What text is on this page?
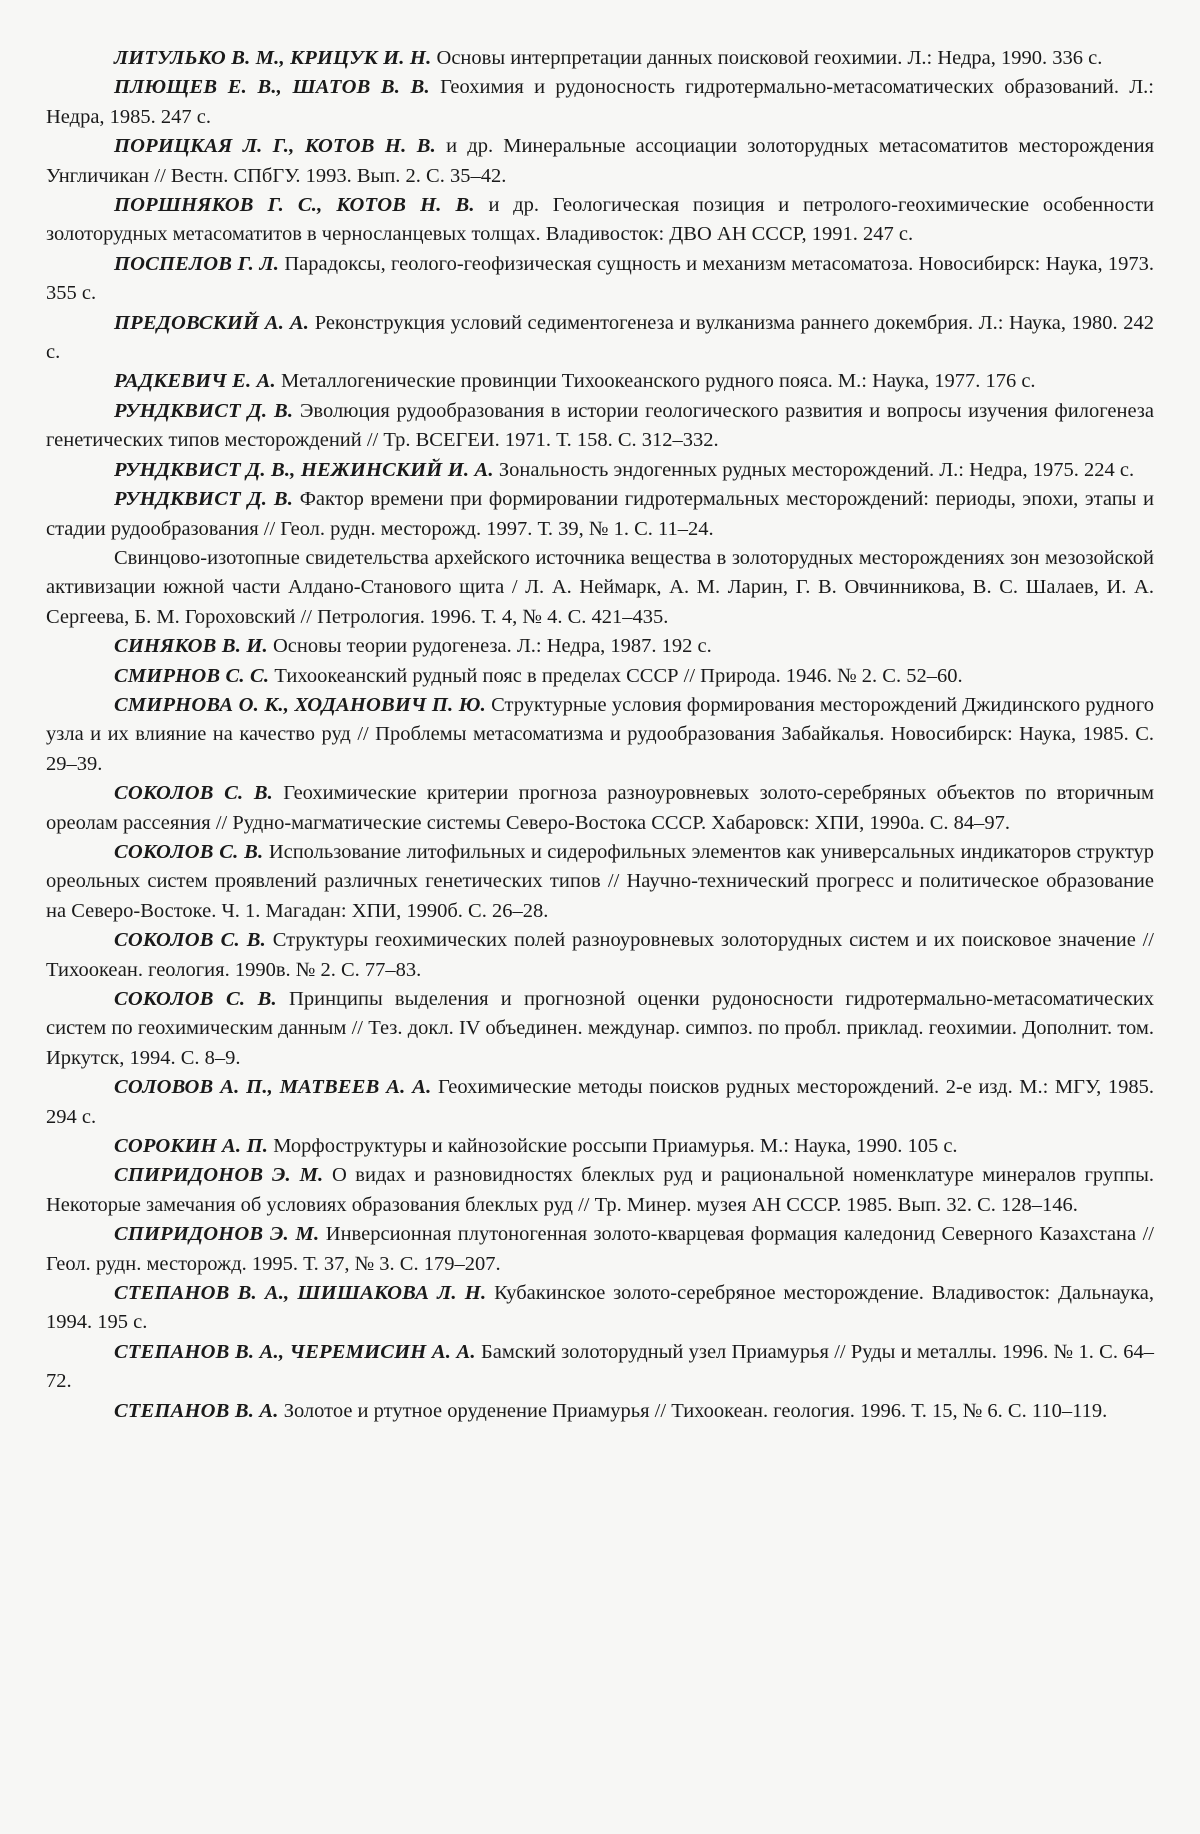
ЛИТУЛЬКО В. М., КРИЦУК И. Н. Основы интерпретации данных поисковой геохимии. Л.: Недра, 1990. 336 с.

ПЛЮЩЕВ Е. В., ШАТОВ В. В. Геохимия и рудоносность гидротермально-метасоматических образований. Л.: Недра, 1985. 247 с.

ПОРИЦКАЯ Л. Г., КОТОВ Н. В. и др. Минеральные ассоциации золоторудных метасоматитов месторождения Унгличикан // Вестн. СПбГУ. 1993. Вып. 2. С. 35–42.

ПОРШНЯКОВ Г. С., КОТОВ Н. В. и др. Геологическая позиция и петролого-геохимические особенности золоторудных метасоматитов в черносланцевых толщах. Владивосток: ДВО АН СССР, 1991. 247 с.

ПОСПЕЛОВ Г. Л. Парадоксы, геолого-геофизическая сущность и механизм метасоматоза. Новосибирск: Наука, 1973. 355 с.

ПРЕДОВСКИЙ А. А. Реконструкция условий седиментогенеза и вулканизма раннего докембрия. Л.: Наука, 1980. 242 с.

РАДКЕВИЧ Е. А. Металлогенические провинции Тихоокеанского рудного пояса. М.: Наука, 1977. 176 с.

РУНДКВИСТ Д. В. Эволюция рудообразования в истории геологического развития и вопросы изучения филогенеза генетических типов месторождений // Тр. ВСЕГЕИ. 1971. Т. 158. С. 312–332.

РУНДКВИСТ Д. В., НЕЖИНСКИЙ И. А. Зональность эндогенных рудных месторождений. Л.: Недра, 1975. 224 с.

РУНДКВИСТ Д. В. Фактор времени при формировании гидротермальных месторождений: периоды, эпохи, этапы и стадии рудообразования // Геол. рудн. месторожд. 1997. Т. 39, № 1. С. 11–24.

Свинцово-изотопные свидетельства архейского источника вещества в золоторудных месторождениях зон мезозойской активизации южной части Алдано-Станового щита / Л. А. Неймарк, А. М. Ларин, Г. В. Овчинникова, В. С. Шалаев, И. А. Сергеева, Б. М. Гороховский // Петрология. 1996. Т. 4, № 4. С. 421–435.

СИНЯКОВ В. И. Основы теории рудогенеза. Л.: Недра, 1987. 192 с.

СМИРНОВ С. С. Тихоокеанский рудный пояс в пределах СССР // Природа. 1946. № 2. С. 52–60.

СМИРНОВА О. К., ХОДАНОВИЧ П. Ю. Структурные условия формирования месторождений Джидинского рудного узла и их влияние на качество руд // Проблемы метасоматизма и рудообразования Забайкалья. Новосибирск: Наука, 1985. С. 29–39.

СОКОЛОВ С. В. Геохимические критерии прогноза разноуровневых золото-серебряных объектов по вторичным ореолам рассеяния // Рудно-магматические системы Северо-Востока СССР. Хабаровск: ХПИ, 1990а. С. 84–97.

СОКОЛОВ С. В. Использование литофильных и сидерофильных элементов как универсальных индикаторов структур ореольных систем проявлений различных генетических типов // Научно-технический прогресс и политическое образование на Северо-Востоке. Ч. 1. Магадан: ХПИ, 1990б. С. 26–28.

СОКОЛОВ С. В. Структуры геохимических полей разноуровневых золоторудных систем и их поисковое значение // Тихоокеан. геология. 1990в. № 2. С. 77–83.

СОКОЛОВ С. В. Принципы выделения и прогнозной оценки рудоносности гидротермально-метасоматических систем по геохимическим данным // Тез. докл. IV объединен. междунар. симпоз. по пробл. приклад. геохимии. Дополнит. том. Иркутск, 1994. С. 8–9.

СОЛОВОВ А. П., МАТВЕЕВ А. А. Геохимические методы поисков рудных месторождений. 2-е изд. М.: МГУ, 1985. 294 с.

СОРОКИН А. П. Морфоструктуры и кайнозойские россыпи Приамурья. М.: Наука, 1990. 105 с.

СПИРИДОНОВ Э. М. О видах и разновидностях блеклых руд и рациональной номенклатуре минералов группы. Некоторые замечания об условиях образования блеклых руд // Тр. Минер. музея АН СССР. 1985. Вып. 32. С. 128–146.

СПИРИДОНОВ Э. М. Инверсионная плутоногенная золото-кварцевая формация каледонид Северного Казахстана // Геол. рудн. месторожд. 1995. Т. 37, № 3. С. 179–207.

СТЕПАНОВ В. А., ШИШАКОВА Л. Н. Кубакинское золото-серебряное месторождение. Владивосток: Дальнаука, 1994. 195 с.

СТЕПАНОВ В. А., ЧЕРЕМИСИН А. А. Бамский золоторудный узел Приамурья // Руды и металлы. 1996. № 1. С. 64–72.

СТЕПАНОВ В. А. Золотое и ртутное оруденение Приамурья // Тихоокеан. геология. 1996. Т. 15, № 6. С. 110–119.
